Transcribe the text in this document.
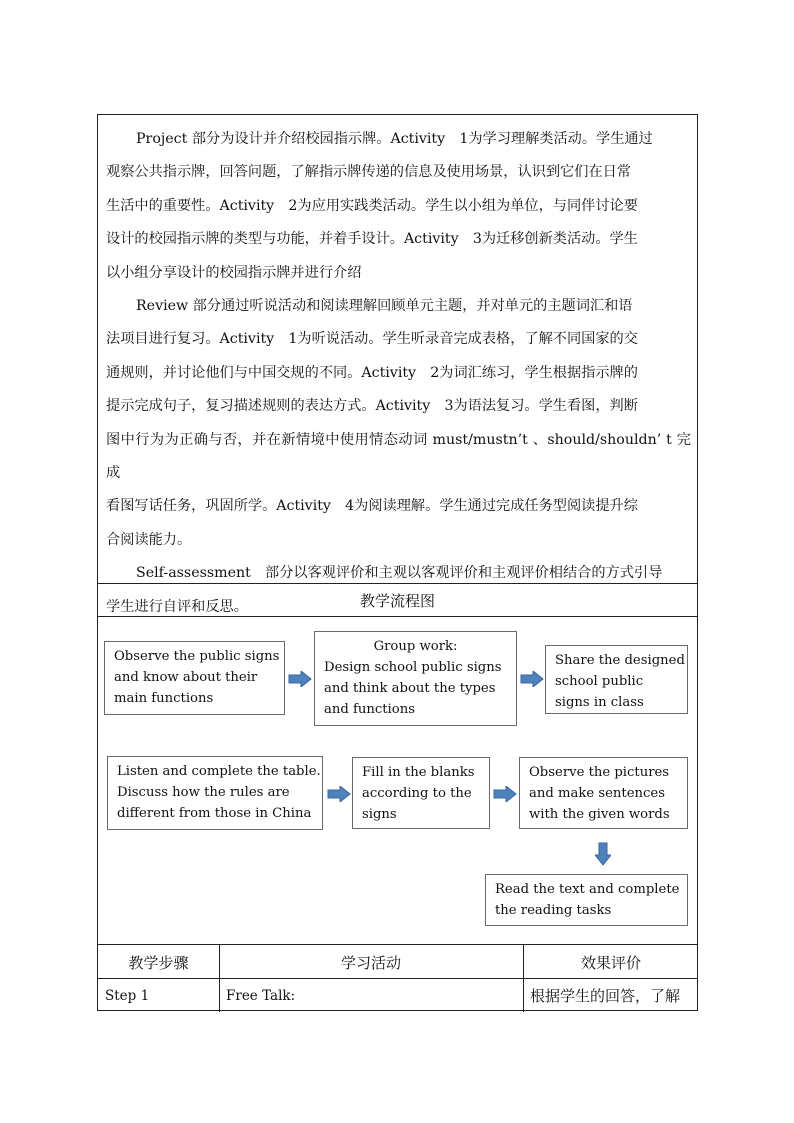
Project 部分为设计并介绍校园指示牌。Activity　1为学习理解类活动。学生通过
观察公共指示牌，回答问题，了解指示牌传递的信息及使用场景，认识到它们在日常
生活中的重要性。Activity　2为应用实践类活动。学生以小组为单位，与同伴讨论要
设计的校园指示牌的类型与功能，并着手设计。Activity　3为迁移创新类活动。学生
以小组分享设计的校园指示牌并进行介绍

Review 部分通过听说活动和阅读理解回顾单元主题，并对单元的主题词汇和语
法项目进行复习。Activity　1为听说活动。学生听录音完成表格，了解不同国家的交
通规则，并讨论他们与中国交规的不同。Activity　2为词汇练习，学生根据指示牌的
提示完成句子，复习描述规则的表达方式。Activity　3为语法复习。学生看图，判断
图中行为为正确与否，并在新情境中使用情态动词 must/mustn’t 、should/shouldn’ t 完成
看图写话任务，巩固所学。Activity　4为阅读理解。学生通过完成任务型阅读提升综
合阅读能力。

Self-assessment　部分以客观评价和主观以客观评价和主观评价相结合的方式引导
学生进行自评和反思。	教学流程图
Observe the public signs
and know about their
main functions
Group work:
Design school public signs
and think about the types
and functions
Share the designed
school public
signs in class
Listen and complete the table.
Discuss how the rules are
different from those in China
Fill in the blanks
according to the
signs
Observe the pictures
and make sentences
with the given words
Read the text and complete
the reading tasks
教学步骤	学习活动	效果评价
Step 1	Free Talk:	根据学生的回答，了解
